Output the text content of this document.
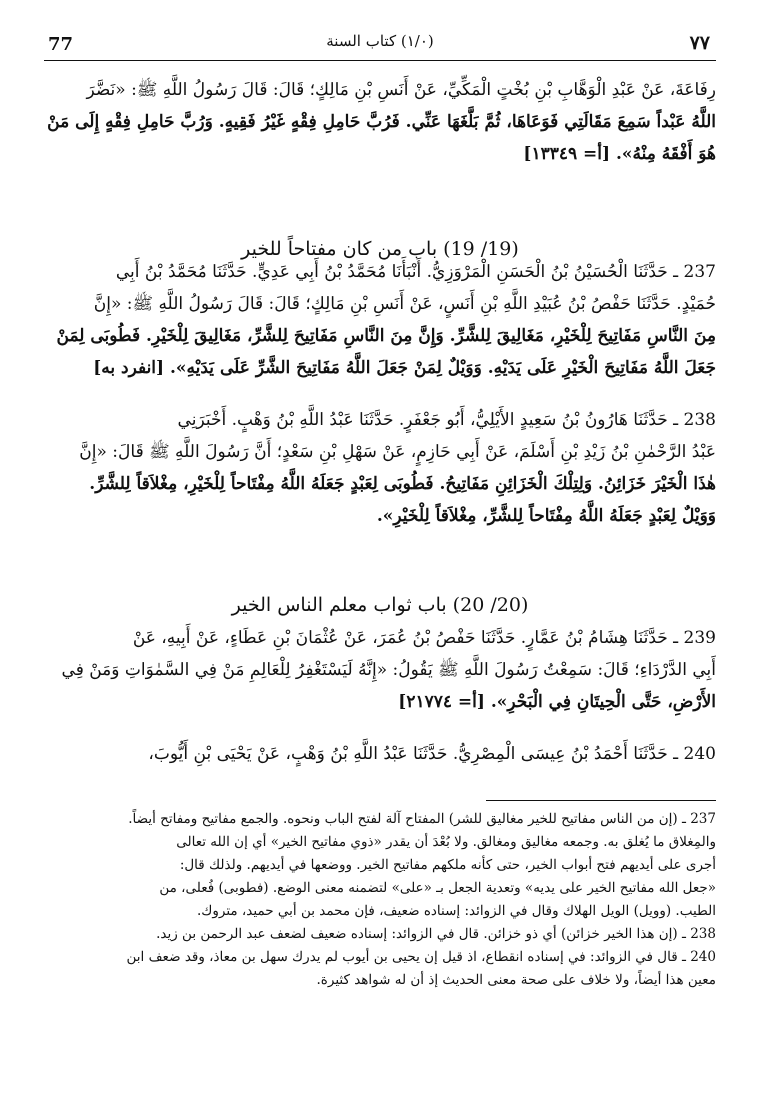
77	(١/٠) كتاب السنة	٧٧
رِفَاعَةَ، عَنْ عَبْدِ الْوَهَّابِ بْنِ بُخْتٍ الْمَكِّيِّ، عَنْ أَنَسِ بْنِ مَالِكٍ؛ قَالَ: قَالَ رَسُولُ اللَّهِ ﷺ: «نَضَّرَ
اللَّهُ عَبْداً سَمِعَ مَقَالَتِي فَوَعَاهَا، ثُمَّ بَلَّغَهَا عَنِّي. فَرُبَّ حَامِلِ فِقْهٍ غَيْرُ فَقِيهٍ. وَرُبَّ حَامِلِ فِقْهٍ إِلَى مَنْ
هُوَ أَفْقَهُ مِنْهُ». [أ= ١٣٣٤٩]
(19/ 19) باب من كان مفتاحاً للخير
237 ـ حَدَّثَنَا الْحُسَيْنُ بْنُ الْحَسَنِ الْمَرْوَزِيُّ. أَنْبَأَنَا مُحَمَّدُ بْنُ أَبِي عَدِيٍّ. حَدَّثَنَا مُحَمَّدُ بْنُ أَبِي
حُمَيْدٍ. حَدَّثَنَا حَفْصُ بْنُ عُبَيْدِ اللَّهِ بْنِ أَنَسٍ، عَنْ أَنَسِ بْنِ مَالِكٍ؛ قَالَ: قَالَ رَسُولُ اللَّهِ ﷺ: «إِنَّ
مِنَ النَّاسِ مَفَاتِيحَ لِلْخَيْرِ، مَغَالِيقَ لِلشَّرِّ. وَإِنَّ مِنَ النَّاسِ مَفَاتِيحَ لِلشَّرِّ، مَغَالِيقَ لِلْخَيْرِ. فَطُوبَى لِمَنْ
جَعَلَ اللَّهُ مَفَاتِيحَ الْخَيْرِ عَلَى يَدَيْهِ. وَوَيْلٌ لِمَنْ جَعَلَ اللَّهُ مَفَاتِيحَ الشَّرِّ عَلَى يَدَيْهِ». [انفرد به]
238 ـ حَدَّثَنَا هَارُونُ بْنُ سَعِيدٍ الأَيْلِيُّ، أَبُو جَعْفَرٍ. حَدَّثَنَا عَبْدُ اللَّهِ بْنُ وَهْبٍ. أَخْبَرَنِي
عَبْدُ الرَّحْمٰنِ بْنُ زَيْدِ بْنِ أَسْلَمَ، عَنْ أَبِي حَازِمٍ، عَنْ سَهْلِ بْنِ سَعْدٍ؛ أَنَّ رَسُولَ اللَّهِ ﷺ قَالَ: «إِنَّ
هٰذَا الْخَيْرَ خَزَائِنُ. وَلِتِلْكَ الْخَزَائِنِ مَفَاتِيحُ. فَطُوبَى لِعَبْدٍ جَعَلَهُ اللَّهُ مِفْتَاحاً لِلْخَيْرِ، مِغْلاَقاً لِلشَّرِّ.
وَوَيْلٌ لِعَبْدٍ جَعَلَهُ اللَّهُ مِفْتَاحاً لِلشَّرِّ، مِغْلاَقاً لِلْخَيْرِ».
(20/ 20) باب ثواب معلم الناس الخير
239 ـ حَدَّثَنَا هِشَامُ بْنُ عَمَّارٍ. حَدَّثَنَا حَفْصُ بْنُ عُمَرَ، عَنْ عُثْمَانَ بْنِ عَطَاءٍ، عَنْ أَبِيهِ، عَنْ
أَبِي الدَّرْدَاءِ؛ قَالَ: سَمِعْتُ رَسُولَ اللَّهِ ﷺ يَقُولُ: «إِنَّهُ لَيَسْتَغْفِرُ لِلْعَالِمِ مَنْ فِي السَّمٰوَاتِ وَمَنْ فِي
الأَرْضِ، حَتَّى الْحِيتَانِ فِي الْبَحْرِ». [أ= ٢١٧٧٤]
240 ـ حَدَّثَنَا أَحْمَدُ بْنُ عِيسَى الْمِصْرِيُّ. حَدَّثَنَا عَبْدُ اللَّهِ بْنُ وَهْبٍ، عَنْ يَحْيَى بْنِ أَيُّوبَ،
237 ـ (إن من الناس مفاتيح للخير مغاليق للشر) المفتاح آلة لفتح الباب ونحوه. والجمع مفاتيح ومفاتح أيضاً.
والمِغلاق ما يُغلق به. وجمعه مغاليق ومغالق. ولا بُعْدَ أن يقدر «ذوي مفاتيح الخير» أي إن الله تعالى
أجرى على أيديهم فتح أبواب الخير، حتى كأنه ملكهم مفاتيح الخير. ووضعها في أيديهم. ولذلك قال:
«جعل الله مفاتيح الخير على يديه» وتعدية الجعل بـ «على» لتضمنه معنى الوضع. (فطوبى) فُعلى، من
الطيب. (وويل) الويل الهلاك وقال في الزوائد: إسناده ضعيف، فإن محمد بن أبي حميد، متروك.
238 ـ (إن هذا الخير خزائن) أي ذو خزائن. قال في الزوائد: إسناده ضعيف لضعف عبد الرحمن بن زيد.
240 ـ قال في الزوائد: في إسناده انقطاع، اذ قيل إن يحيى بن أيوب لم يدرك سهل بن معاذ، وقد ضعف ابن
معين هذا أيضاً، ولا خلاف على صحة معنى الحديث إذ أن له شواهد كثيرة.
